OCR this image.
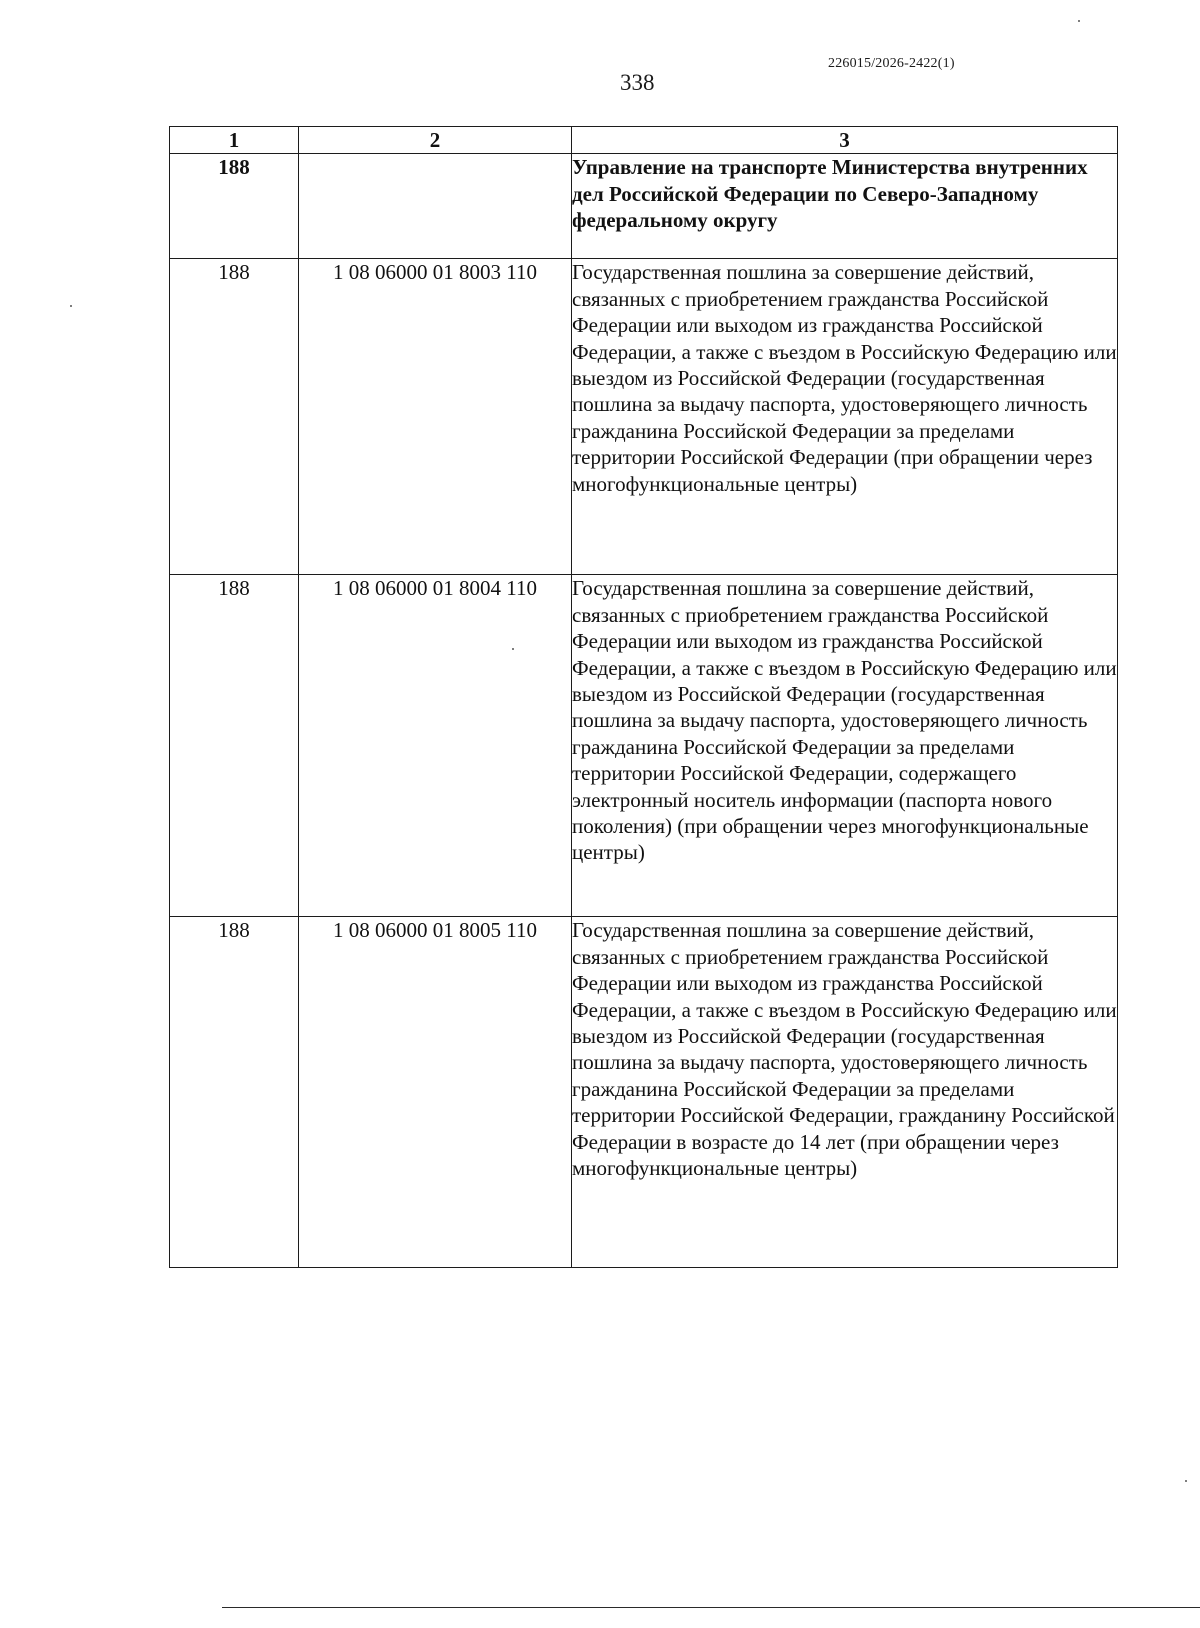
226015/2026-2422(1)
338
1	2	3
188		Управление на транспорте Министерства внутренних дел Российской Федерации по Северо-Западному федеральному округу
188	1 08 06000 01 8003 110	Государственная пошлина за совершение действий, связанных с приобретением гражданства Российской Федерации или выходом из гражданства Российской Федерации, а также с въездом в Российскую Федерацию или выездом из Российской Федерации (государственная пошлина за выдачу паспорта, удостоверяющего личность гражданина Российской Федерации за пределами территории Российской Федерации (при обращении через многофункциональные центры)
188	1 08 06000 01 8004 110	Государственная пошлина за совершение действий, связанных с приобретением гражданства Российской Федерации или выходом из гражданства Российской Федерации, а также с въездом в Российскую Федерацию или выездом из Российской Федерации (государственная пошлина за выдачу паспорта, удостоверяющего личность гражданина Российской Федерации за пределами территории Российской Федерации, содержащего электронный носитель информации (паспорта нового поколения) (при обращении через многофункциональные центры)
188	1 08 06000 01 8005 110	Государственная пошлина за совершение действий, связанных с приобретением гражданства Российской Федерации или выходом из гражданства Российской Федерации, а также с въездом в Российскую Федерацию или выездом из Российской Федерации (государственная пошлина за выдачу паспорта, удостоверяющего личность гражданина Российской Федерации за пределами территории Российской Федерации, гражданину Российской Федерации в возрасте до 14 лет (при обращении через многофункциональные центры)
